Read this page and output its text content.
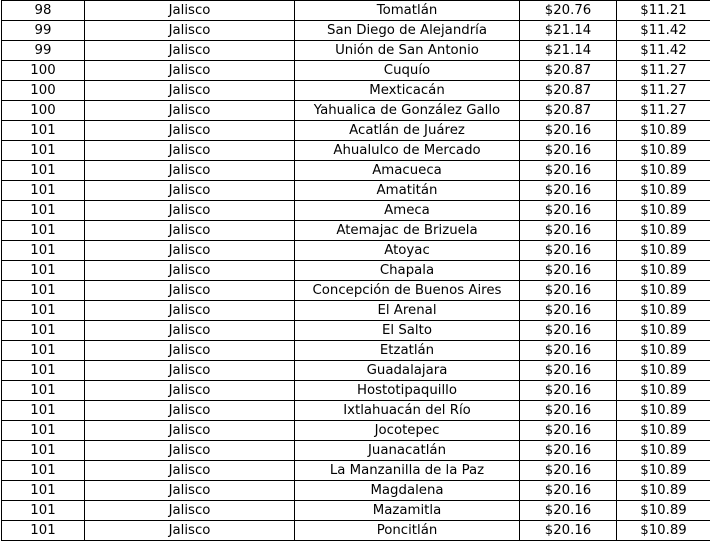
98	Jalisco	Tomatlán	$20.76	$11.21
99	Jalisco	San Diego de Alejandría	$21.14	$11.42
99	Jalisco	Unión de San Antonio	$21.14	$11.42
100	Jalisco	Cuquío	$20.87	$11.27
100	Jalisco	Mexticacán	$20.87	$11.27
100	Jalisco	Yahualica de González Gallo	$20.87	$11.27
101	Jalisco	Acatlán de Juárez	$20.16	$10.89
101	Jalisco	Ahualulco de Mercado	$20.16	$10.89
101	Jalisco	Amacueca	$20.16	$10.89
101	Jalisco	Amatitán	$20.16	$10.89
101	Jalisco	Ameca	$20.16	$10.89
101	Jalisco	Atemajac de Brizuela	$20.16	$10.89
101	Jalisco	Atoyac	$20.16	$10.89
101	Jalisco	Chapala	$20.16	$10.89
101	Jalisco	Concepción de Buenos Aires	$20.16	$10.89
101	Jalisco	El Arenal	$20.16	$10.89
101	Jalisco	El Salto	$20.16	$10.89
101	Jalisco	Etzatlán	$20.16	$10.89
101	Jalisco	Guadalajara	$20.16	$10.89
101	Jalisco	Hostotipaquillo	$20.16	$10.89
101	Jalisco	Ixtlahuacán del Río	$20.16	$10.89
101	Jalisco	Jocotepec	$20.16	$10.89
101	Jalisco	Juanacatlán	$20.16	$10.89
101	Jalisco	La Manzanilla de la Paz	$20.16	$10.89
101	Jalisco	Magdalena	$20.16	$10.89
101	Jalisco	Mazamitla	$20.16	$10.89
101	Jalisco	Poncitlán	$20.16	$10.89
